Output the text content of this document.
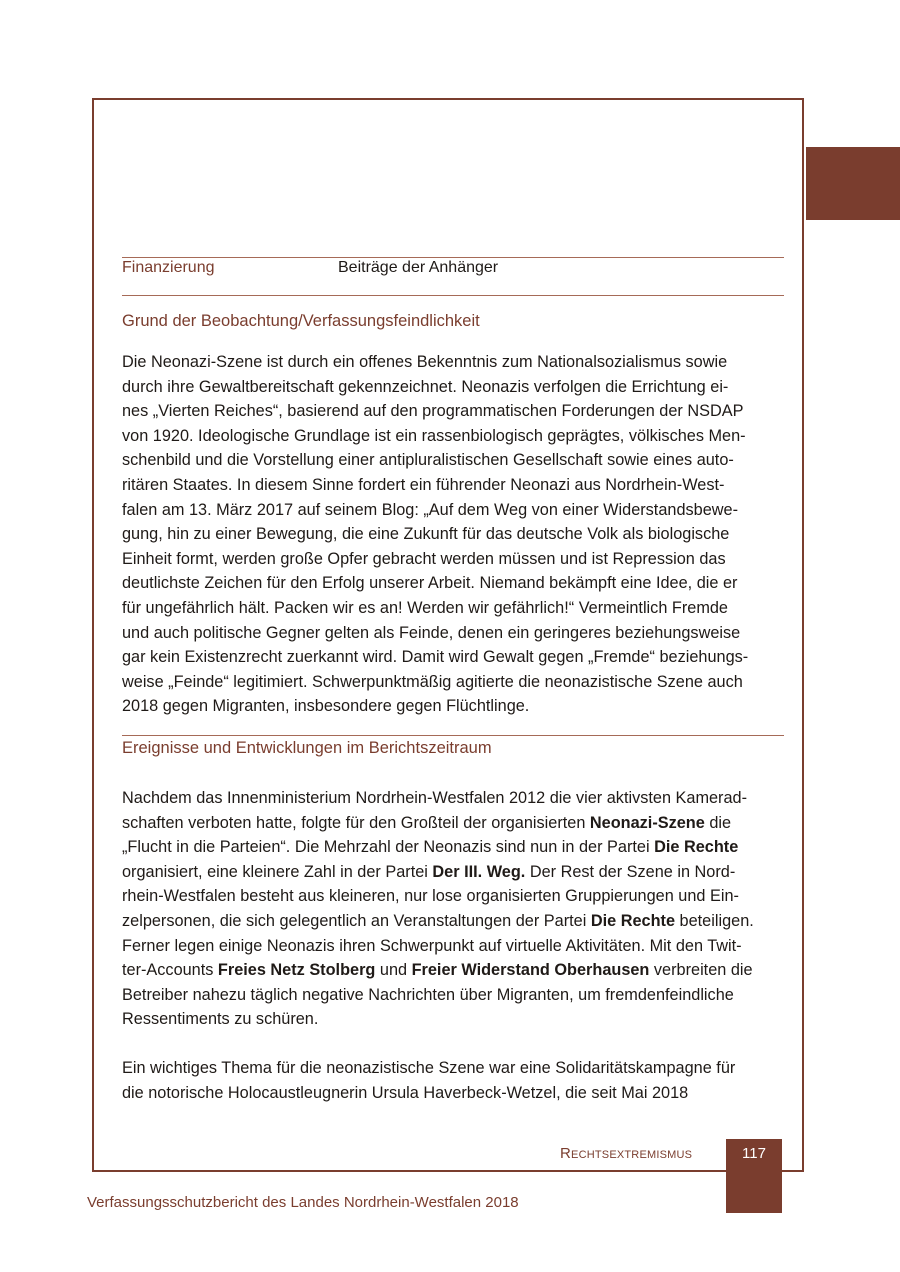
Finanzierung	Beiträge der Anhänger
Grund der Beobachtung/Verfassungsfeindlichkeit
Die Neonazi-Szene ist durch ein offenes Bekenntnis zum Nationalsozialismus sowie
durch ihre Gewaltbereitschaft gekennzeichnet. Neonazis verfolgen die Errichtung ei-
nes „Vierten Reiches“, basierend auf den programmatischen Forderungen der NSDAP
von 1920. Ideologische Grundlage ist ein rassenbiologisch geprägtes, völkisches Men-
schenbild und die Vorstellung einer antipluralistischen Gesellschaft sowie eines auto-
ritären Staates. In diesem Sinne fordert ein führender Neonazi aus Nordrhein-West-
falen am 13. März 2017 auf seinem Blog: „Auf dem Weg von einer Widerstandsbewe-
gung, hin zu einer Bewegung, die eine Zukunft für das deutsche Volk als biologische
Einheit formt, werden große Opfer gebracht werden müssen und ist Repression das
deutlichste Zeichen für den Erfolg unserer Arbeit. Niemand bekämpft eine Idee, die er
für ungefährlich hält. Packen wir es an! Werden wir gefährlich!“ Vermeintlich Fremde
und auch politische Gegner gelten als Feinde, denen ein geringeres beziehungsweise
gar kein Existenzrecht zuerkannt wird. Damit wird Gewalt gegen „Fremde“ beziehungs-
weise „Feinde“ legitimiert. Schwerpunktmäßig agitierte die neonazistische Szene auch
2018 gegen Migranten, insbesondere gegen Flüchtlinge.
Ereignisse und Entwicklungen im Berichtszeitraum
Nachdem das Innenministerium Nordrhein-Westfalen 2012 die vier aktivsten Kamerad-
schaften verboten hatte, folgte für den Großteil der organisierten Neonazi-Szene die
„Flucht in die Parteien“. Die Mehrzahl der Neonazis sind nun in der Partei Die Rechte
organisiert, eine kleinere Zahl in der Partei Der III. Weg. Der Rest der Szene in Nord-
rhein-Westfalen besteht aus kleineren, nur lose organisierten Gruppierungen und Ein-
zelpersonen, die sich gelegentlich an Veranstaltungen der Partei Die Rechte beteiligen.
Ferner legen einige Neonazis ihren Schwerpunkt auf virtuelle Aktivitäten. Mit den Twit-
ter-Accounts Freies Netz Stolberg und Freier Widerstand Oberhausen verbreiten die
Betreiber nahezu täglich negative Nachrichten über Migranten, um fremdenfeindliche
Ressentiments zu schüren.
Ein wichtiges Thema für die neonazistische Szene war eine Solidaritätskampagne für
die notorische Holocaustleugnerin Ursula Haverbeck-Wetzel, die seit Mai 2018
Rechtsextremismus	117
Verfassungsschutzbericht des Landes Nordrhein-Westfalen 2018
